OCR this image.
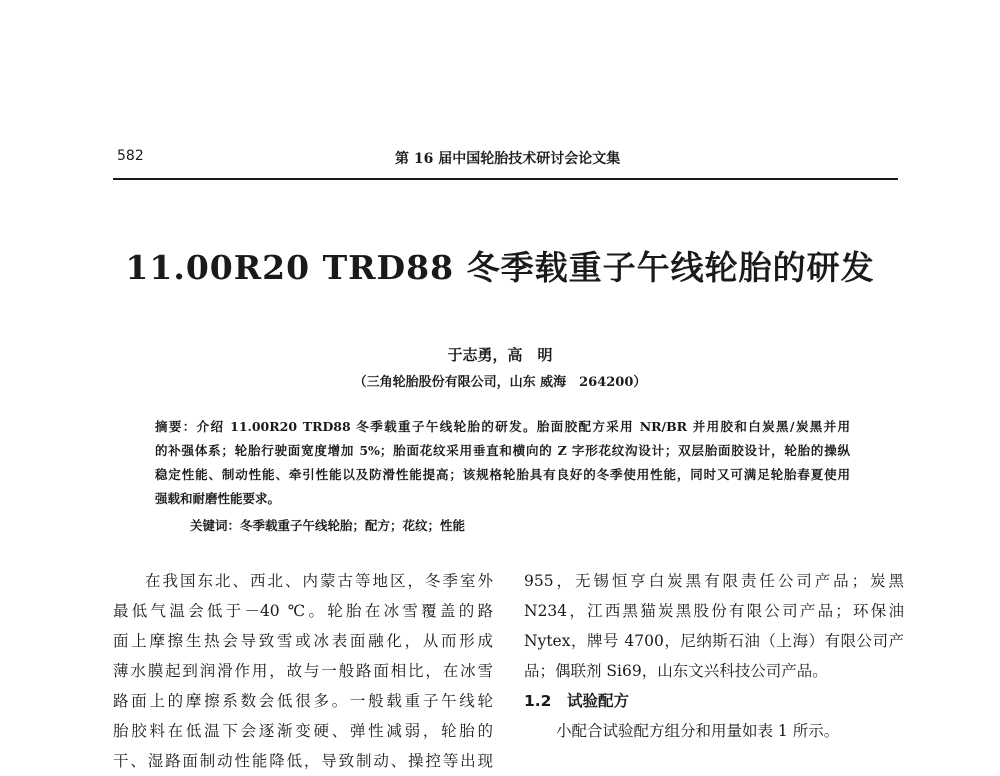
582	第 16 届中国轮胎技术研讨会论文集
11.00R20 TRD88 冬季载重子午线轮胎的研发
于志勇，高　明
（三角轮胎股份有限公司，山东 威海　264200）
摘要：介绍 11.00R20 TRD88 冬季载重子午线轮胎的研发。胎面胶配方采用 NR/BR 并用胶和白炭黑/炭黑并用
的补强体系；轮胎行驶面宽度增加 5%；胎面花纹采用垂直和横向的 Z 字形花纹沟设计；双层胎面胶设计，轮胎的操纵
稳定性能、制动性能、牵引性能以及防滑性能提高；该规格轮胎具有良好的冬季使用性能，同时又可满足轮胎春夏使用
强载和耐磨性能要求。
关键词：冬季载重子午线轮胎；配方；花纹；性能
在我国东北、西北、内蒙古等地区，冬季室外
最低气温会低于－40 ℃。轮胎在冰雪覆盖的路
面上摩擦生热会导致雪或冰表面融化，从而形成
薄水膜起到润滑作用，故与一般路面相比，在冰雪
路面上的摩擦系数会低很多。一般载重子午线轮
胎胶料在低温下会逐渐变硬、弹性减弱，轮胎的
干、湿路面制动性能降低，导致制动、操控等出现
955，无锡恒亨白炭黑有限责任公司产品；炭黑
N234，江西黑猫炭黑股份有限公司产品；环保油
Nytex，牌号 4700，尼纳斯石油（上海）有限公司产
品；偶联剂 Si69，山东文兴科技公司产品。
1.2　试验配方
小配合试验配方组分和用量如表 1 所示。
